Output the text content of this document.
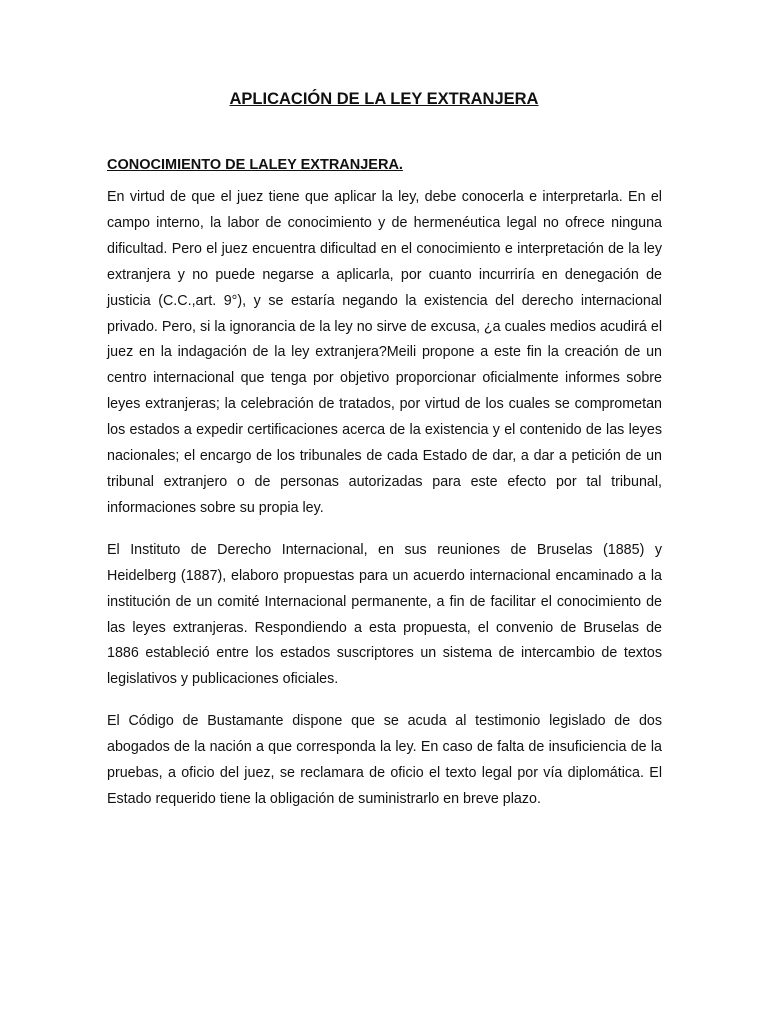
APLICACIÓN DE LA LEY EXTRANJERA
CONOCIMIENTO DE LALEY EXTRANJERA.

En virtud de que el juez tiene que aplicar la ley, debe conocerla e interpretarla. En el campo interno, la labor de conocimiento y de hermenéutica legal no ofrece ninguna dificultad. Pero el juez encuentra dificultad en el conocimiento e interpretación de la ley extranjera y no puede negarse a aplicarla, por cuanto incurriría en denegación de justicia (C.C.,art. 9°), y se estaría negando la existencia del derecho internacional privado. Pero, si la ignorancia de la ley no sirve de excusa, ¿a cuales medios acudirá el juez en la indagación de la ley extranjera?Meili propone a este fin la creación de un centro internacional que tenga por objetivo proporcionar oficialmente informes sobre leyes extranjeras; la celebración de tratados, por virtud de los cuales se comprometan los estados a expedir certificaciones acerca de la existencia y el contenido de las leyes nacionales; el encargo de los tribunales de cada Estado de dar, a dar a petición de un tribunal extranjero o de personas autorizadas para este efecto por tal tribunal, informaciones sobre su propia ley.

El Instituto de Derecho Internacional, en sus reuniones de Bruselas (1885) y Heidelberg (1887), elaboro propuestas para un acuerdo internacional encaminado a la institución de un comité Internacional permanente, a fin de facilitar el conocimiento de las leyes extranjeras. Respondiendo a esta propuesta, el convenio de Bruselas de 1886 estableció entre los estados suscriptores un sistema de intercambio de textos legislativos y publicaciones oficiales.

El Código de Bustamante dispone que se acuda al testimonio legislado de dos abogados de la nación a que corresponda la ley. En caso de falta de insuficiencia de la pruebas, a oficio del juez, se reclamara de oficio el texto legal por vía diplomática. El Estado requerido tiene la obligación de suministrarlo en breve plazo.
